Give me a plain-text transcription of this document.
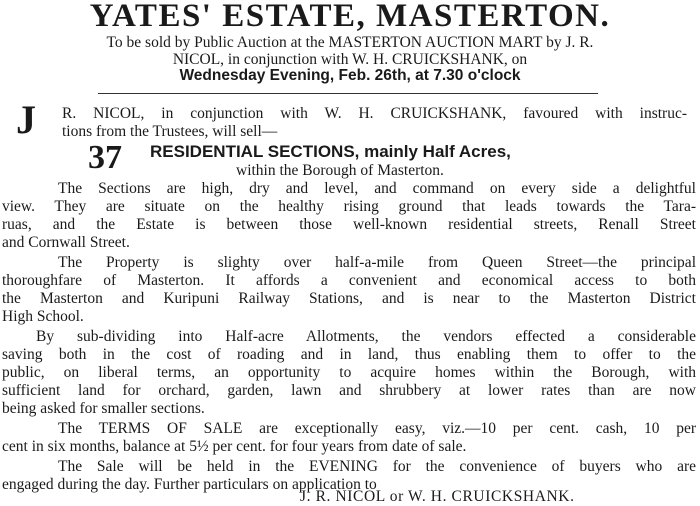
YATES' ESTATE, MASTERTON.
To be sold by Public Auction at the MASTERTON AUCTION MART by J. R.
NICOL, in conjunction with W. H. CRUICKSHANK, on
Wednesday Evening, Feb. 26th, at 7.30 o'clock
J R. NICOL, in conjunction with W. H. CRUICKSHANK, favoured with instruc-
tions from the Trustees, will sell—
37 RESIDENTIAL SECTIONS, mainly Half Acres,
within the Borough of Masterton.
The Sections are high, dry and level, and command on every side a delightful
view. They are situate on the healthy rising ground that leads towards the Tara-
ruas, and the Estate is between those well-known residential streets, Renall Street
and Cornwall Street.
The Property is slighty over half-a-mile from Queen Street—the principal
thoroughfare of Masterton. It affords a convenient and economical access to both
the Masterton and Kuripuni Railway Stations, and is near to the Masterton District
High School.
By sub-dividing into Half-acre Allotments, the vendors effected a considerable
saving both in the cost of roading and in land, thus enabling them to offer to the
public, on liberal terms, an opportunity to acquire homes within the Borough, with
sufficient land for orchard, garden, lawn and shrubbery at lower rates than are now
being asked for smaller sections.
The TERMS OF SALE are exceptionally easy, viz.—10 per cent. cash, 10 per
cent in six months, balance at 5½ per cent. for four years from date of sale.
The Sale will be held in the EVENING for the convenience of buyers who are
engaged during the day. Further particulars on application to
J. R. NICOL or W. H. CRUICKSHANK.
